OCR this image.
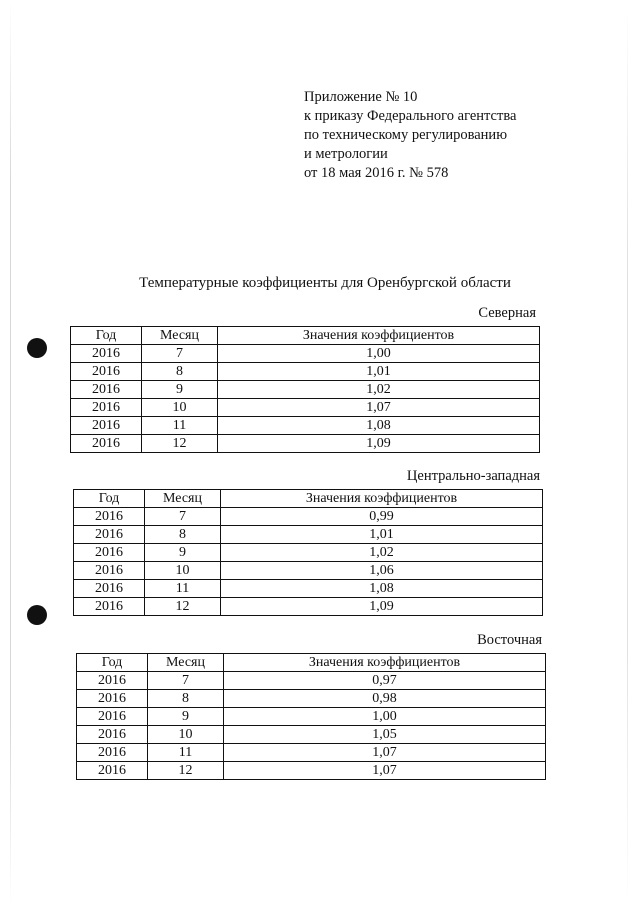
Приложение № 10
к приказу Федерального агентства
по техническому регулированию
и метрологии
от 18 мая 2016 г. № 578
Температурные коэффициенты для Оренбургской области
Северная
Год	Месяц	Значения коэффициентов
2016	7	1,00
2016	8	1,01
2016	9	1,02
2016	10	1,07
2016	11	1,08
2016	12	1,09
Центрально-западная
Год	Месяц	Значения коэффициентов
2016	7	0,99
2016	8	1,01
2016	9	1,02
2016	10	1,06
2016	11	1,08
2016	12	1,09
Восточная
Год	Месяц	Значения коэффициентов
2016	7	0,97
2016	8	0,98
2016	9	1,00
2016	10	1,05
2016	11	1,07
2016	12	1,07
